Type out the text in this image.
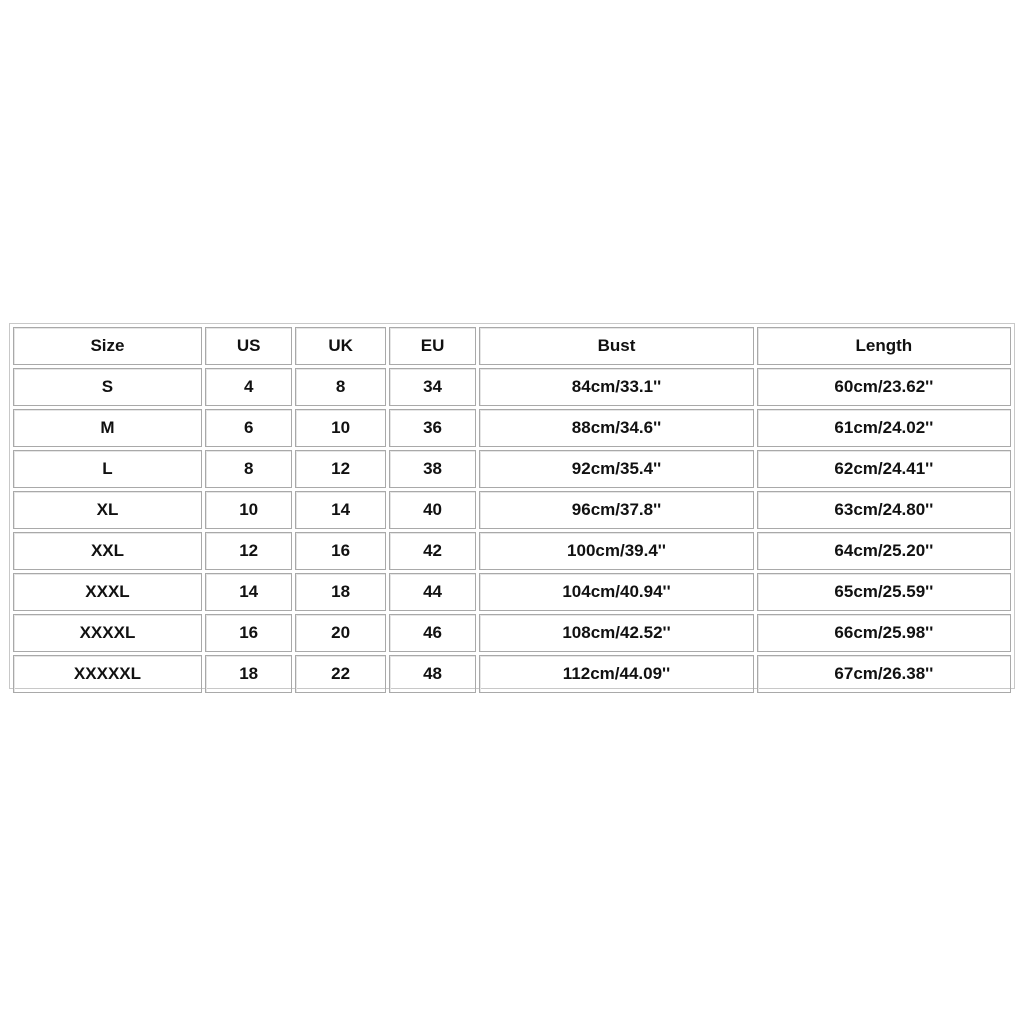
Size	US	UK	EU	Bust	Length
S	4	8	34	84cm/33.1''	60cm/23.62''
M	6	10	36	88cm/34.6''	61cm/24.02''
L	8	12	38	92cm/35.4''	62cm/24.41''
XL	10	14	40	96cm/37.8''	63cm/24.80''
XXL	12	16	42	100cm/39.4''	64cm/25.20''
XXXL	14	18	44	104cm/40.94''	65cm/25.59''
XXXXL	16	20	46	108cm/42.52''	66cm/25.98''
XXXXXL	18	22	48	112cm/44.09''	67cm/26.38''
